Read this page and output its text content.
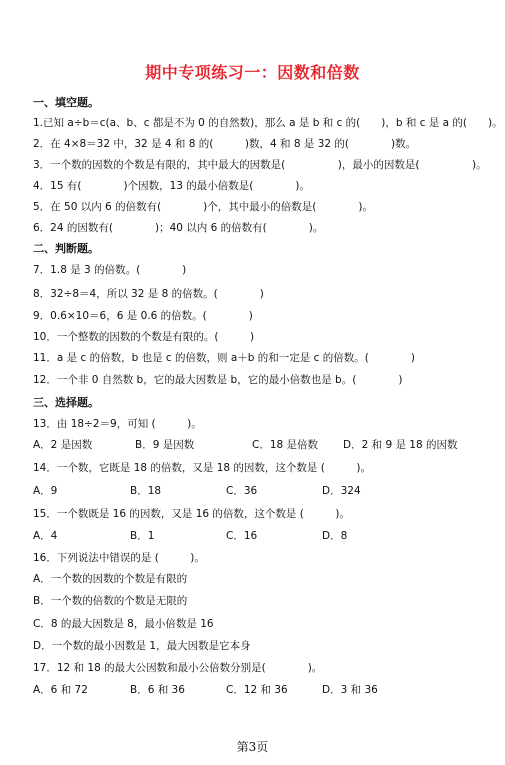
期中专项练习一：因数和倍数
一、填空题。
1.已知 a÷b＝c(a、b、c 都是不为 0 的自然数)，那么 a 是 b 和 c 的(　　)，b 和 c 是 a 的(　　)。
2．在 4×8＝32 中，32 是 4 和 8 的(　　　)数，4 和 8 是 32 的(　　　　)数。
3．一个数的因数的个数是有限的，其中最大的因数是(　　　　　)，最小的因数是(　　　　　)。
4．15 有(　　　　)个因数，13 的最小倍数是(　　　　)。
5．在 50 以内 6 的倍数有(　　　　)个，其中最小的倍数是(　　　　)。
6．24 的因数有(　　　　)；40 以内 6 的倍数有(　　　　)。
二、判断题。
7．1.8 是 3 的倍数。(　　　　)
8．32÷8＝4，所以 32 是 8 的倍数。(　　　　)
9．0.6×10＝6，6 是 0.6 的倍数。(　　　　)
10．一个整数的因数的个数是有限的。(　　　)
11．a 是 c 的倍数，b 也是 c 的倍数，则 a＋b 的和一定是 c 的倍数。(　　　　)
12．一个非 0 自然数 b，它的最大因数是 b，它的最小倍数也是 b。(　　　　)
三、选择题。
13．由 18÷2＝9，可知 (　　　)。
A．2 是因数	B．9 是因数	C．18 是倍数 D．2 和 9 是 18 的因数
14．一个数，它既是 18 的倍数，又是 18 的因数，这个数是 (　　　)。
A．9	B．18	C．36	D．324
15．一个数既是 16 的因数，又是 16 的倍数，这个数是 (　　　)。
A．4	B．1	C．16	D．8
16．下列说法中错误的是 (　　　)。
A．一个数的因数的个数是有限的
B．一个数的倍数的个数是无限的
C．8 的最大因数是 8，最小倍数是 16
D．一个数的最小因数是 1，最大因数是它本身
17．12 和 18 的最大公因数和最小公倍数分别是(　　　　)。
A．6 和 72	B．6 和 36	C．12 和 36	D．3 和 36
第3页
